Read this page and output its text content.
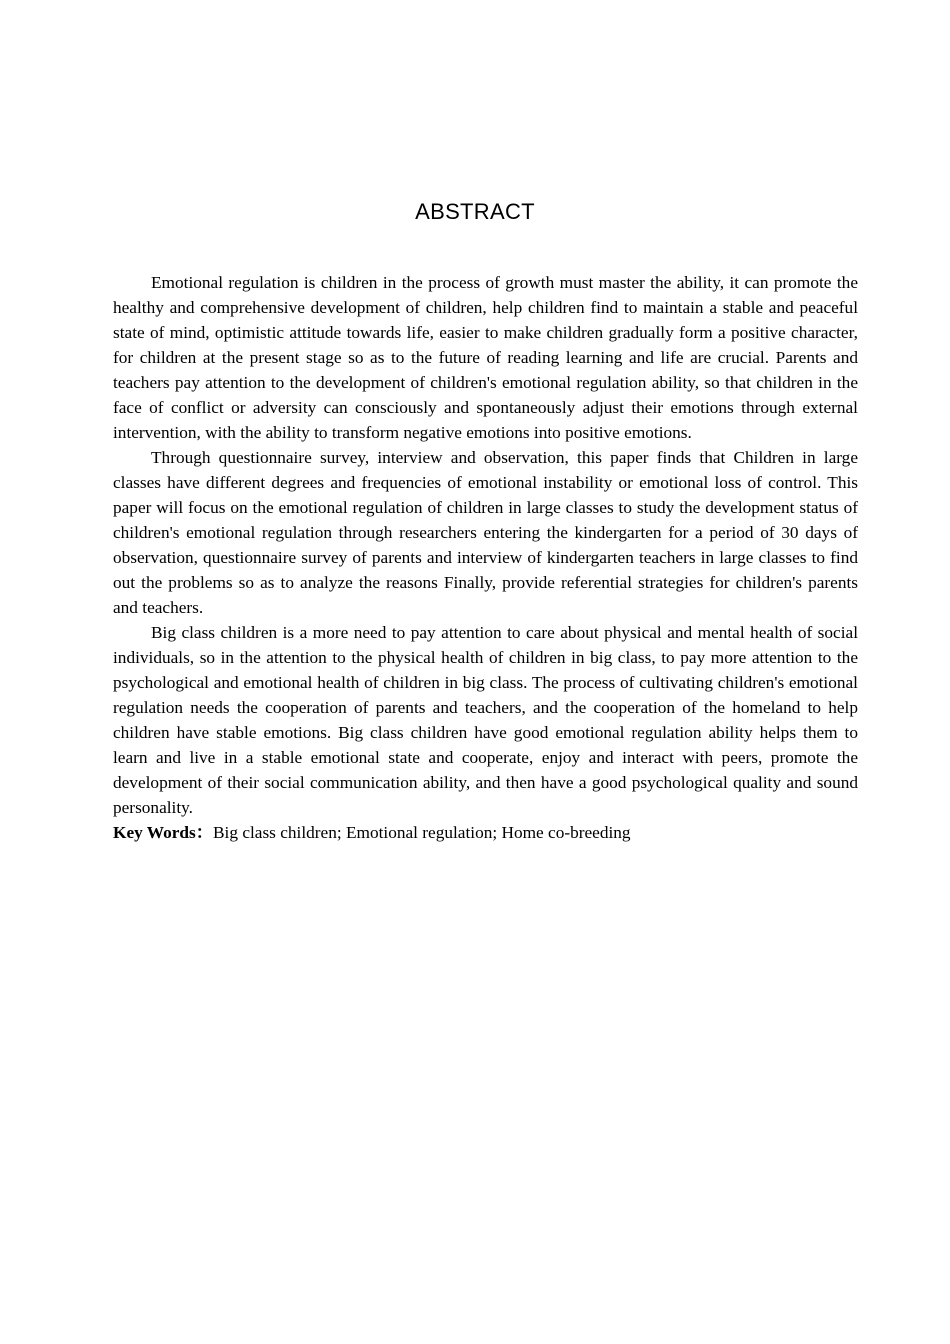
ABSTRACT

Emotional regulation is children in the process of growth must master the ability, it can promote the healthy and comprehensive development of children, help children find to maintain a stable and peaceful state of mind, optimistic attitude towards life, easier to make children gradually form a positive character, for children at the present stage so as to the future of reading learning and life are crucial. Parents and teachers pay attention to the development of children's emotional regulation ability, so that children in the face of conflict or adversity can consciously and spontaneously adjust their emotions through external intervention, with the ability to transform negative emotions into positive emotions.

Through questionnaire survey, interview and observation, this paper finds that Children in large classes have different degrees and frequencies of emotional instability or emotional loss of control. This paper will focus on the emotional regulation of children in large classes to study the development status of children's emotional regulation through researchers entering the kindergarten for a period of 30 days of observation, questionnaire survey of parents and interview of kindergarten teachers in large classes to find out the problems so as to analyze the reasons Finally, provide referential strategies for children's parents and teachers.

Big class children is a more need to pay attention to care about physical and mental health of social individuals, so in the attention to the physical health of children in big class, to pay more attention to the psychological and emotional health of children in big class. The process of cultivating children's emotional regulation needs the cooperation of parents and teachers, and the cooperation of the homeland to help children have stable emotions. Big class children have good emotional regulation ability helps them to learn and live in a stable emotional state and cooperate, enjoy and interact with peers, promote the development of their social communication ability, and then have a good psychological quality and sound personality.

Key Words：Big class children; Emotional regulation; Home co-breeding
